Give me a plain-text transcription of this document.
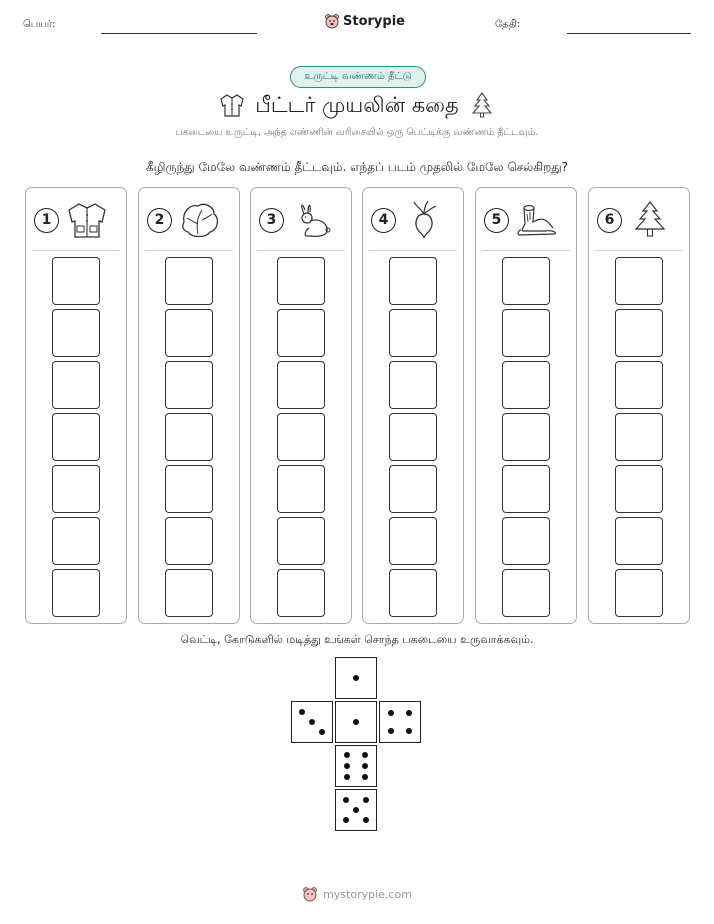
பெயர்:	Storypie	தேதி:
உருட்டி வண்ணம் தீட்டு
பீட்டர் முயலின் கதை
பகடையை உருட்டி, அந்த எண்ணின் வரிசையில் ஒரு பெட்டிக்கு வண்ணம் தீட்டவும்.
கீழிருந்து மேலே வண்ணம் தீட்டவும். எந்தப் படம் முதலில் மேலே செல்கிறது?
1	2	3	4	5	6
வெட்டி, கோடுகளில் மடித்து உங்கள் சொந்த பகடையை உருவாக்கவும்.
mystorypie.com
